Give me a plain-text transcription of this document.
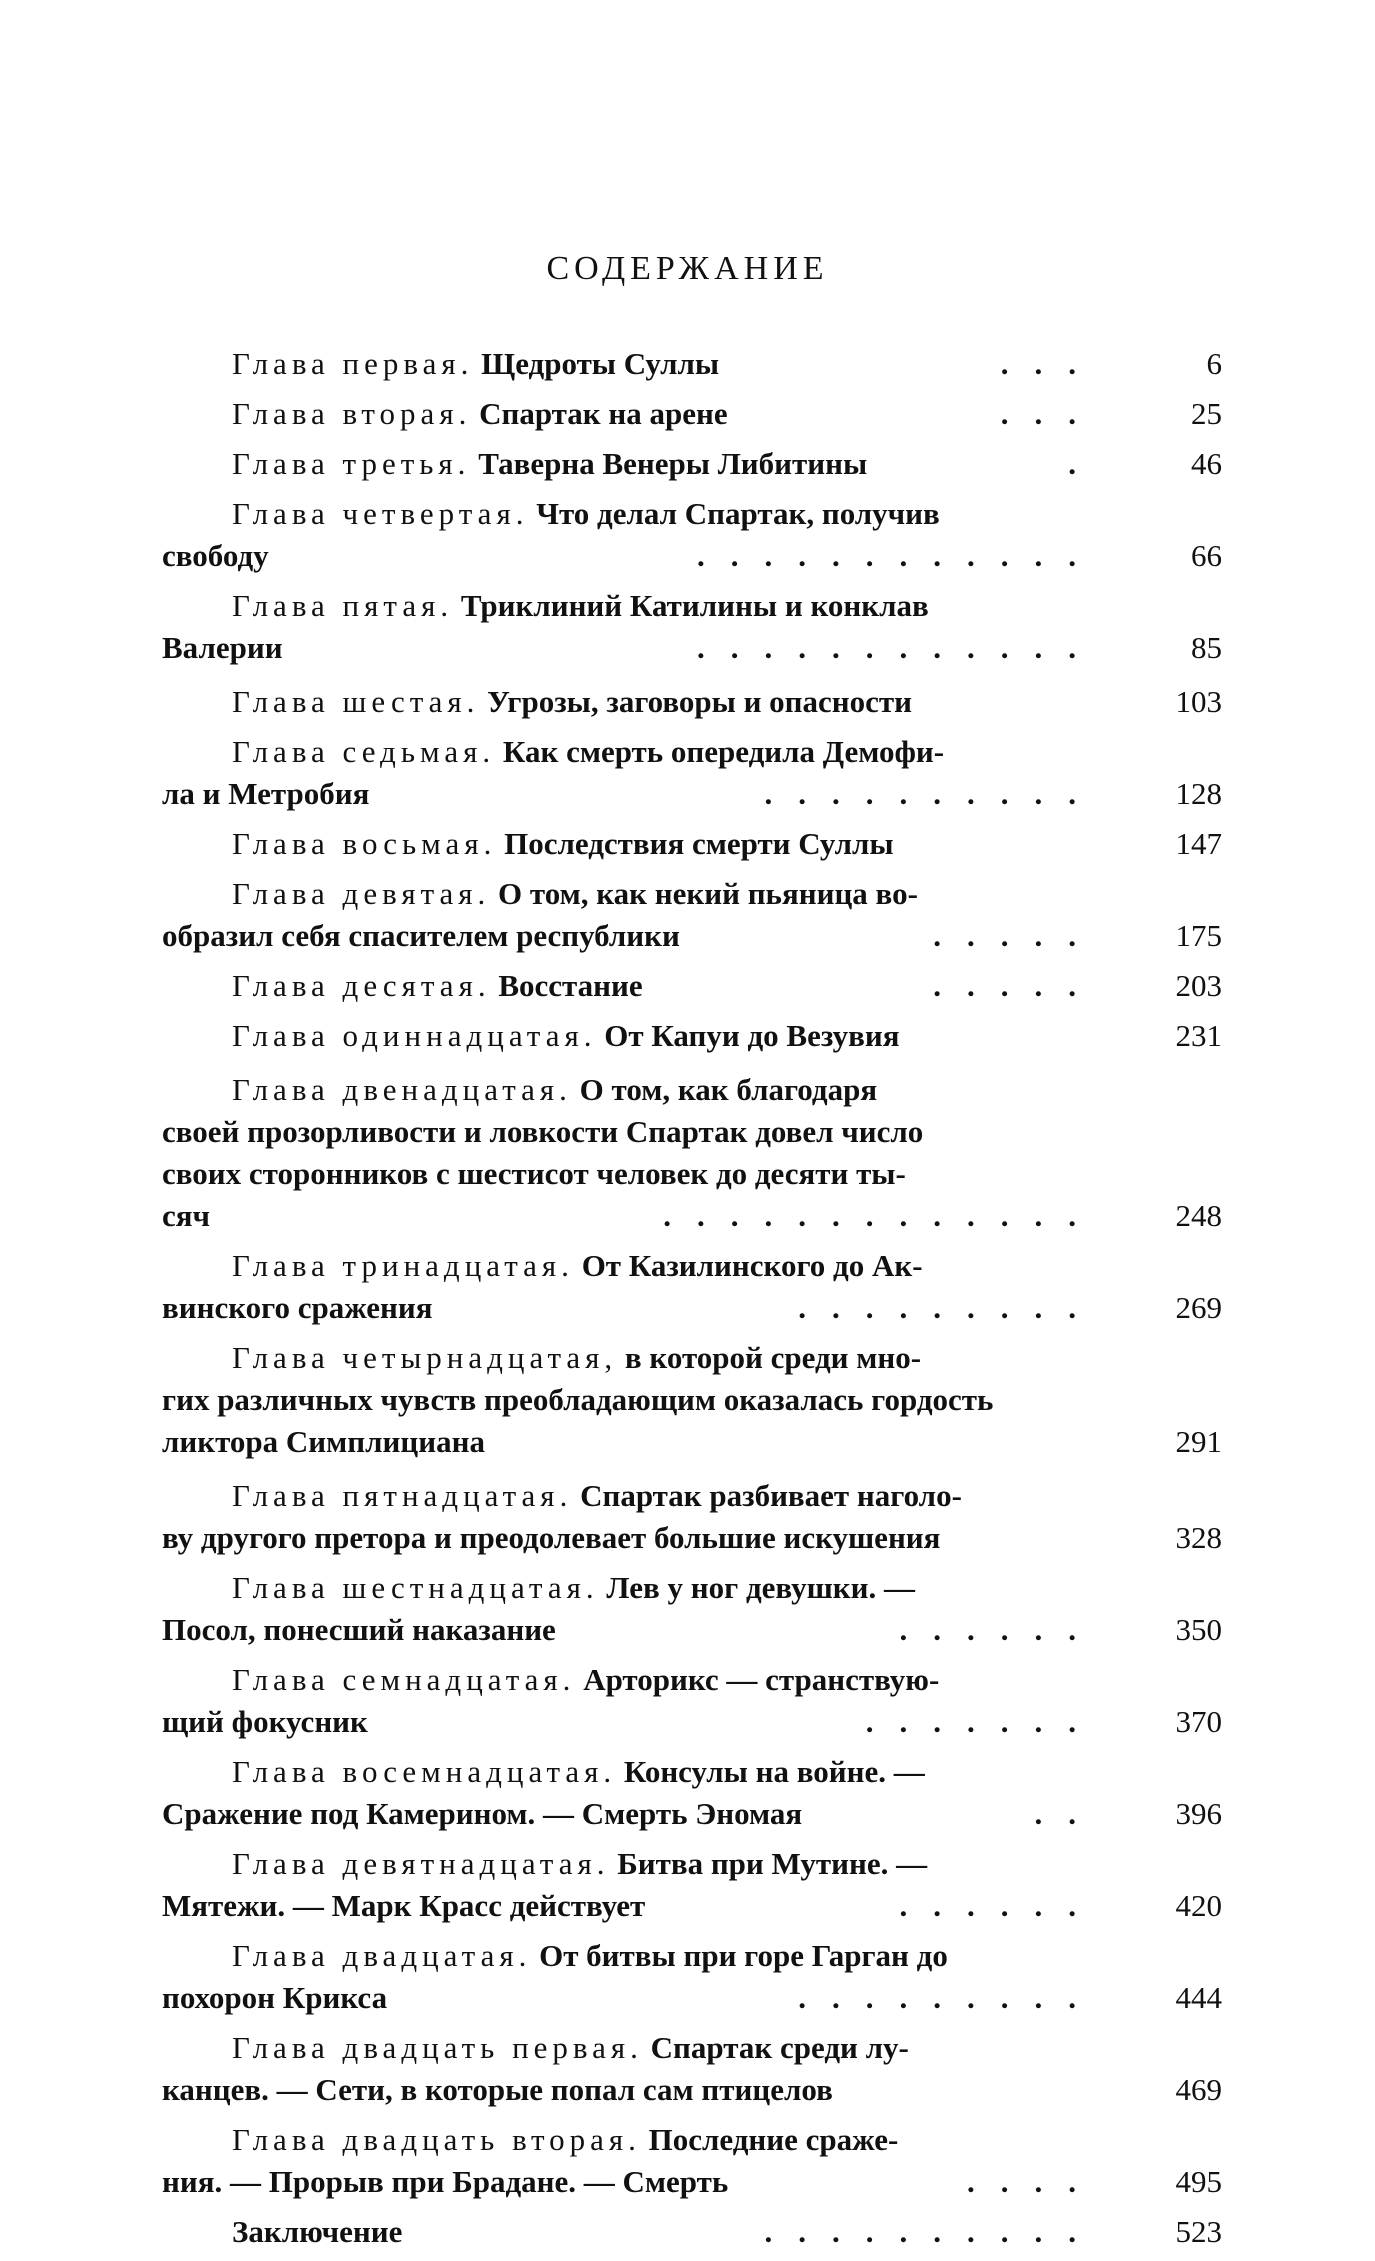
СОДЕРЖАНИЕ
Глава первая. Щедроты Суллы	...	6
Глава вторая. Спартак на арене	...	25
Глава третья. Таверна Венеры Либитины	.	46
Глава четвертая. Что делал Спартак, получив
свободу	............	66
Глава пятая. Триклиний Катилины и конклав
Валерии	............	85
Глава шестая. Угрозы, заговоры и опасности	103
Глава седьмая. Как смерть опередила Демофи-
ла и Метробия	..........	128
Глава восьмая. Последствия смерти Суллы	147
Глава девятая. О том, как некий пьяница во-
образил себя спасителем республики	.....	175
Глава десятая. Восстание	.....	203
Глава одиннадцатая. От Капуи до Везувия	231
Глава двенадцатая. О том, как благодаря
своей прозорливости и ловкости Спартак довел число
своих сторонников с шестисот человек до десяти ты-
сяч	.............	248
Глава тринадцатая. От Казилинского до Ак-
винского сражения	.........	269
Глава четырнадцатая, в которой среди мно-
гих различных чувств преобладающим оказалась гордость
ликтора Симплициана	291
Глава пятнадцатая. Спартак разбивает наголо-
ву другого претора и преодолевает большие искушения	328
Глава шестнадцатая. Лев у ног девушки. —
Посол, понесший наказание	......	350
Глава семнадцатая. Арторикс — странствую-
щий фокусник	.......	370
Глава восемнадцатая. Консулы на войне. —
Сражение под Камерином. — Смерть Эномая	..	396
Глава девятнадцатая. Битва при Мутине. —
Мятежи. — Марк Красс действует	......	420
Глава двадцатая. От битвы при горе Гарган до
похорон Крикса	.........	444
Глава двадцать первая. Спартак среди лу-
канцев. — Сети, в которые попал сам птицелов	469
Глава двадцать вторая. Последние сраже-
ния. — Прорыв при Брадане. — Смерть	....	495
Заключение	..........	523
